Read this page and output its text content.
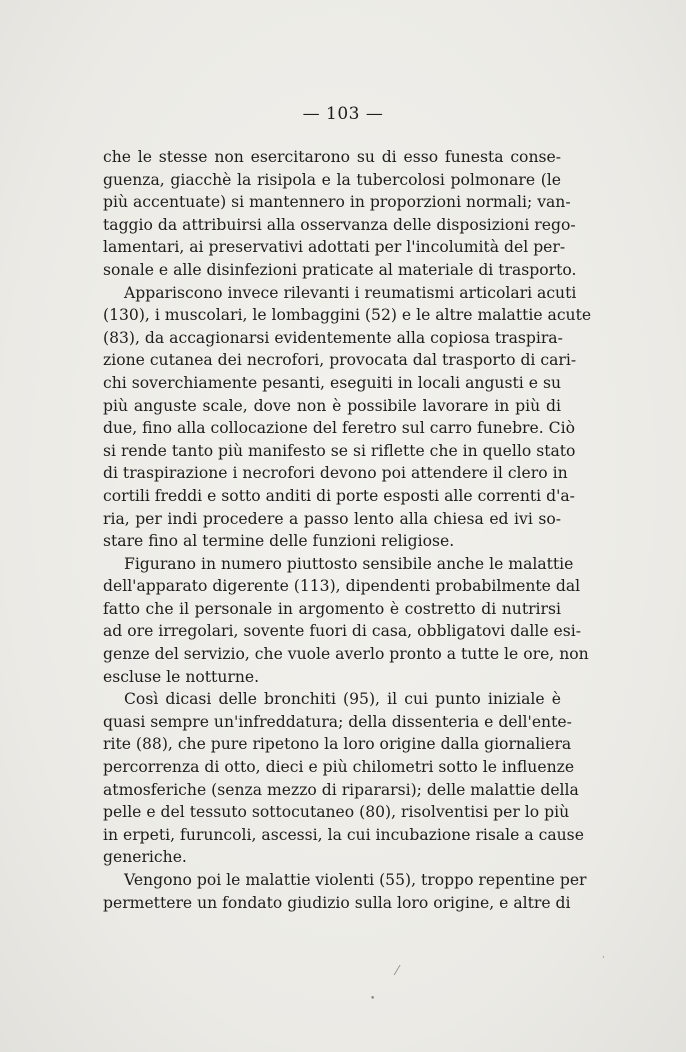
— 103 —
che le stesse non esercitarono su di esso funesta conse-
guenza, giacchè la risipola e la tubercolosi polmonare (le
più accentuate) si mantennero in proporzioni normali; van-
taggio da attribuirsi alla osservanza delle disposizioni rego-
lamentari, ai preservativi adottati per l'incolumità del per-
sonale e alle disinfezioni praticate al materiale di trasporto.
Appariscono invece rilevanti i reumatismi articolari acuti
(130), i muscolari, le lombaggini (52) e le altre malattie acute
(83), da accagionarsi evidentemente alla copiosa traspira-
zione cutanea dei necrofori, provocata dal trasporto di cari-
chi soverchiamente pesanti, eseguiti in locali angusti e su
più anguste scale, dove non è possibile lavorare in più di
due, fino alla collocazione del feretro sul carro funebre. Ciò
si rende tanto più manifesto se si riflette che in quello stato
di traspirazione i necrofori devono poi attendere il clero in
cortili freddi e sotto anditi di porte esposti alle correnti d'a-
ria, per indi procedere a passo lento alla chiesa ed ivi so-
stare fino al termine delle funzioni religiose.
Figurano in numero piuttosto sensibile anche le malattie
dell'apparato digerente (113), dipendenti probabilmente dal
fatto che il personale in argomento è costretto di nutrirsi
ad ore irregolari, sovente fuori di casa, obbligatovi dalle esi-
genze del servizio, che vuole averlo pronto a tutte le ore, non
escluse le notturne.
Così dicasi delle bronchiti (95), il cui punto iniziale è
quasi sempre un'infreddatura; della dissenteria e dell'ente-
rite (88), che pure ripetono la loro origine dalla giornaliera
percorrenza di otto, dieci e più chilometri sotto le influenze
atmosferiche (senza mezzo di ripararsi); delle malattie della
pelle e del tessuto sottocutaneo (80), risolventisi per lo più
in erpeti, furuncoli, ascessi, la cui incubazione risale a cause
generiche.
Vengono poi le malattie violenti (55), troppo repentine per
permettere un fondato giudizio sulla loro origine, e altre di
⁄
•
ˈ
